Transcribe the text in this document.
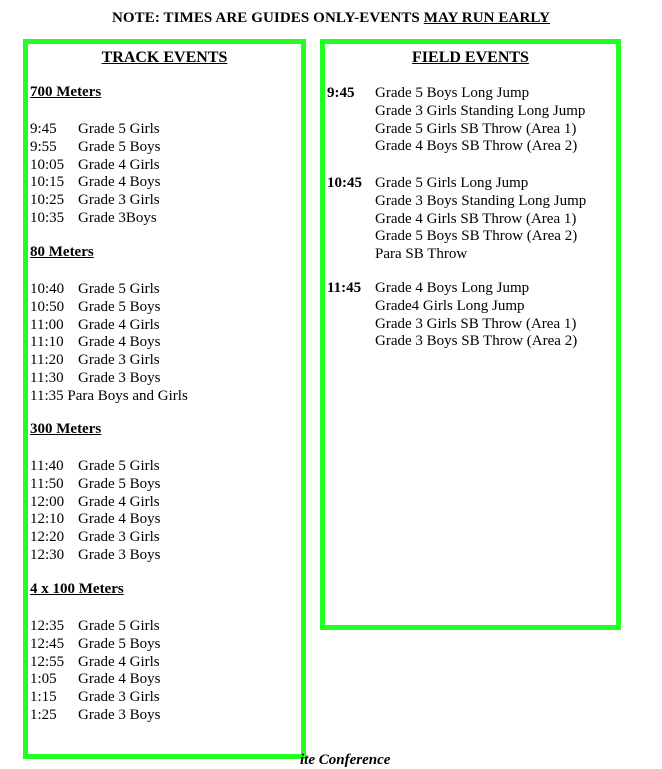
NOTE: TIMES ARE GUIDES ONLY-EVENTS MAY RUN EARLY
TRACK EVENTS
700 Meters
9:45 Grade 5 Girls
9:55 Grade 5 Boys
10:05 Grade 4 Girls
10:15 Grade 4 Boys
10:25 Grade 3 Girls
10:35 Grade 3Boys
80 Meters
10:40 Grade 5 Girls
10:50 Grade 5 Boys
11:00 Grade 4 Girls
11:10 Grade 4 Boys
11:20 Grade 3 Girls
11:30 Grade 3 Boys
11:35 Para Boys and Girls
300 Meters
11:40 Grade 5 Girls
11:50 Grade 5 Boys
12:00 Grade 4 Girls
12:10 Grade 4 Boys
12:20 Grade 3 Girls
12:30 Grade 3 Boys
4 x 100 Meters
12:35 Grade 5 Girls
12:45 Grade 5 Boys
12:55 Grade 4 Girls
1:05 Grade 4 Boys
1:15 Grade 3 Girls
1:25 Grade 3 Boys
FIELD EVENTS
9:45 Grade 5 Boys Long Jump
Grade 3 Girls Standing Long Jump
Grade 5 Girls SB Throw (Area 1)
Grade 4 Boys SB Throw (Area 2)
10:45 Grade 5 Girls Long Jump
Grade 3 Boys Standing Long Jump
Grade 4 Girls SB Throw (Area 1)
Grade 5 Boys SB Throw (Area 2)
Para SB Throw
11:45 Grade 4 Boys Long Jump
Grade4 Girls Long Jump
Grade 3 Girls SB Throw (Area 1)
Grade 3 Boys SB Throw (Area 2)
ite Conference
